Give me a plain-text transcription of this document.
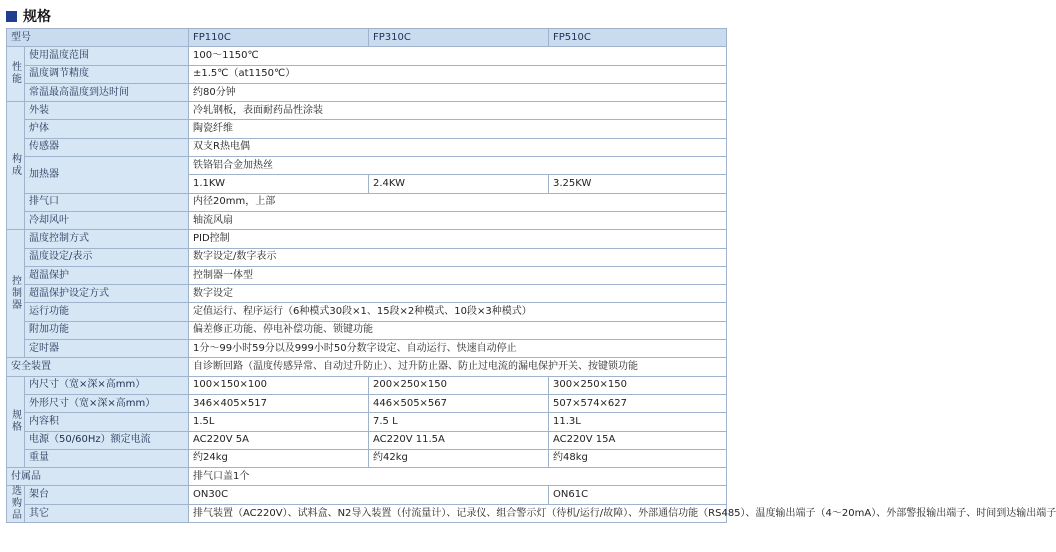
规格
型号		FP110C	FP310C	FP510C
性能	使用温度范围	100～1150℃		
	温度调节精度	±1.5℃（at1150℃）		
	常温最高温度到达时间	约80分钟		
构成	外装	冷轧钢板，表面耐药品性涂装		
	炉体	陶瓷纤维		
	传感器	双支R热电偶		
	加热器	铁铬铝合金加热丝		
		1.1KW	2.4KW	3.25KW
	排气口	内径20mm，上部		
	冷却风叶	轴流风扇		
控制器	温度控制方式	PID控制		
	温度设定/表示	数字设定/数字表示		
	超温保护	控制器一体型		
	超温保护设定方式	数字设定		
	运行功能	定值运行、程序运行（6种模式30段×1、15段×2种模式、10段×3种模式）		
	附加功能	偏差修正功能、停电补偿功能、锁键功能		
	定时器	1分～99小时59分以及999小时50分数字设定、自动运行、快速自动停止		
安全装置		自诊断回路（温度传感异常、自动过升防止）、过升防止器、防止过电流的漏电保护开关、按键锁功能		
规格	内尺寸（宽×深×高mm）	100×150×100	200×250×150	300×250×150
	外形尺寸（宽×深×高mm）	346×405×517	446×505×567	507×574×627
	内容积	1.5L	7.5 L	11.3L
	电源（50/60Hz）额定电流	AC220V 5A	AC220V 11.5A	AC220V 15A
	重量	约24kg	约42kg	约48kg
付属品		排气口盖1个		
选购品	架台	ON30C		ON61C
	其它	排气装置（AC220V）、试料盒、N2导入装置（付流量计）、记录仪、组合警示灯（待机/运行/故障）、外部通信功能（RS485）、温度输出端子（4～20mA）、外部警报输出端子、时间到达输出端子		
